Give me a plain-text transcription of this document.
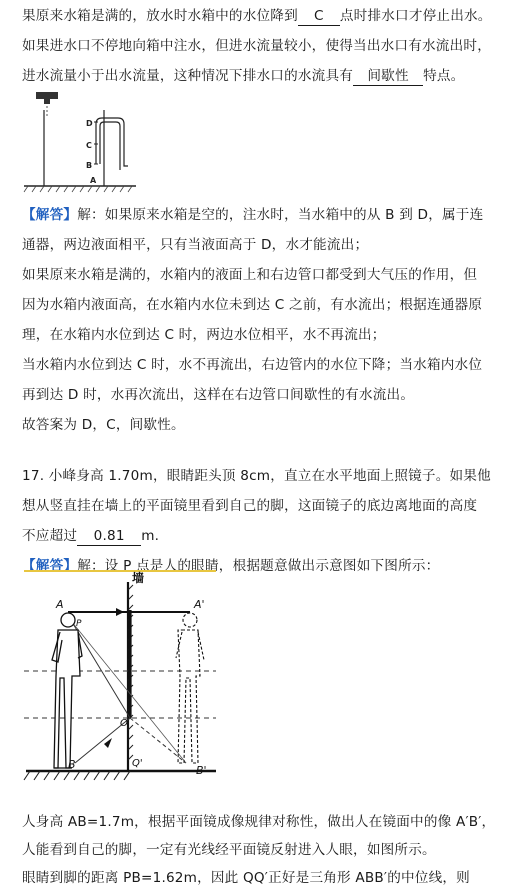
果原来水箱是满的，放水时水箱中的水位降到 C 点时排水口才停止出水。
如果进水口不停地向箱中注水，但进水流量较小，使得当出水口有水流出时，
进水流量小于出水流量，这种情况下排水口的水流具有 间歇性 特点。
D
C
B
A
【解答】解：如果原来水箱是空的，注水时，当水箱中的从 B 到 D，属于连
通器，两边液面相平，只有当液面高于 D，水才能流出；
如果原来水箱是满的，水箱内的液面上和右边管口都受到大气压的作用，但
因为水箱内液面高，在水箱内水位未到达 C 之前，有水流出；根据连通器原
理，在水箱内水位到达 C 时，两边水位相平，水不再流出；
当水箱内水位到达 C 时，水不再流出，右边管内的水位下降；当水箱内水位
再到达 D 时，水再次流出，这样在右边管口间歇性的有水流出。
故答案为 D，C，间歇性。
17. 小峰身高 1.70m，眼睛距头顶 8cm，直立在水平地面上照镜子。如果他
想从竖直挂在墙上的平面镜里看到自己的脚，这面镜子的底边离地面的高度
不应超过 0.81 m.
【解答】解：设 P 点是人的眼睛，根据题意做出示意图如下图所示：
墙
A
P
A'
O
B	Q'
B'
人身高 AB=1.7m，根据平面镜成像规律对称性，做出人在镜面中的像 A′B′，
人能看到自己的脚，一定有光线经平面镜反射进入人眼，如图所示。
眼睛到脚的距离 PB=1.62m，因此 QQ′正好是三角形 ABB′的中位线，则
